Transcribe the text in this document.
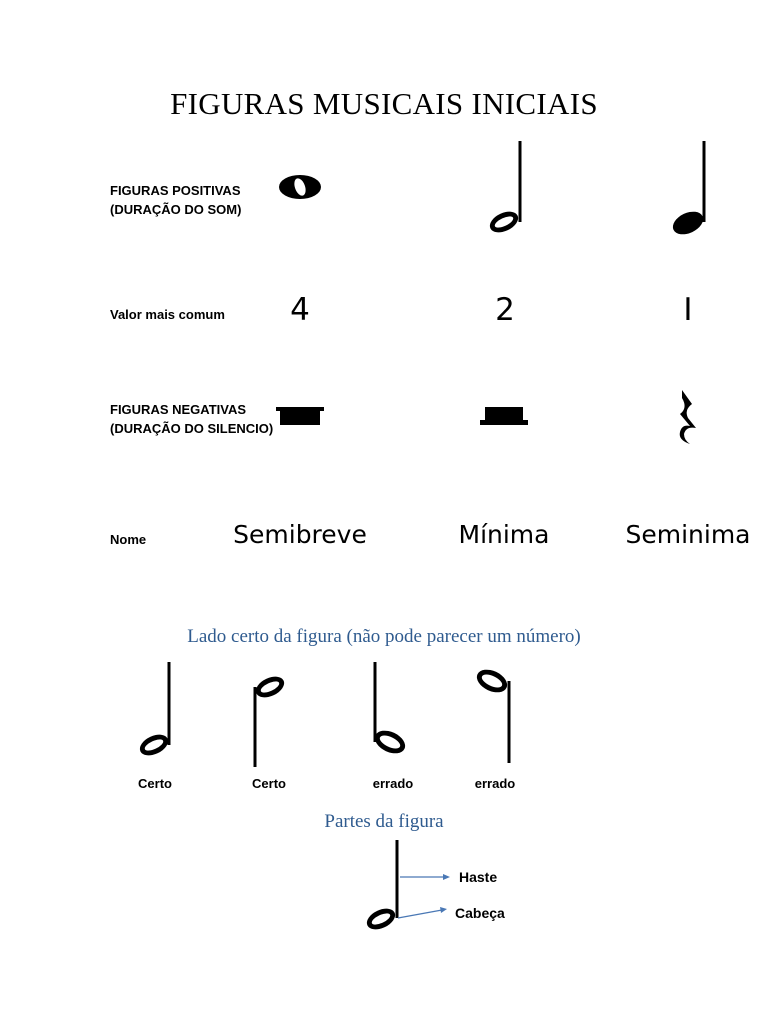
FIGURAS MUSICAIS INICIAIS
FIGURAS POSITIVAS
(DURAÇÃO DO SOM)
Valor mais comum	4	2	I
FIGURAS NEGATIVAS
(DURAÇÃO DO SILENCIO)
Nome	Semibreve	Mínima	Seminima
Lado certo da figura (não pode parecer um número)
Certo	Certo	errado	errado
Partes da figura
Haste
Cabeça
